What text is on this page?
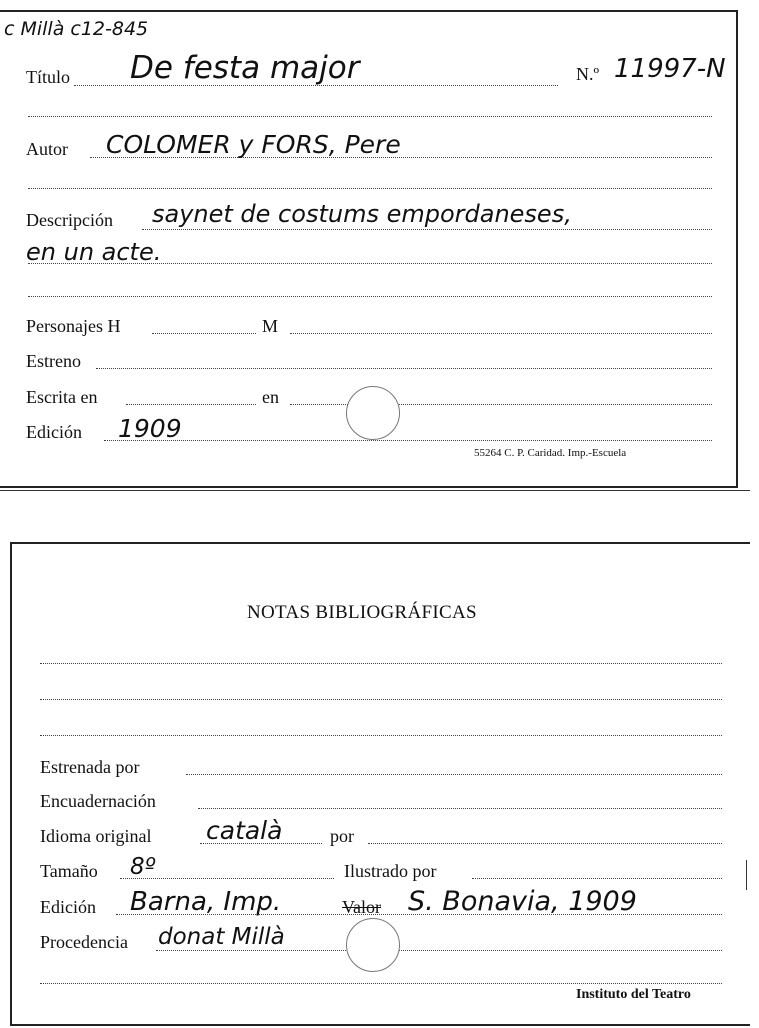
c Millà c12-845
Título De festa major	N.º 11997-N
Autor COLOMER y FORS, Pere
Descripción saynet de costums empordaneses,
en un acte.
Personajes H	M
Estreno
Escrita en	en
Edición 1909
55264 C. P. Caridad. Imp.-Escuela
NOTAS BIBLIOGRÁFICAS
Estrenada por
Encuadernación
Idioma original català	por
Tamaño 8º	Ilustrado por
Edición Barna, Imp.	Valor S. Bonavia, 1909
Procedencia donat Millà
Instituto del Teatro
